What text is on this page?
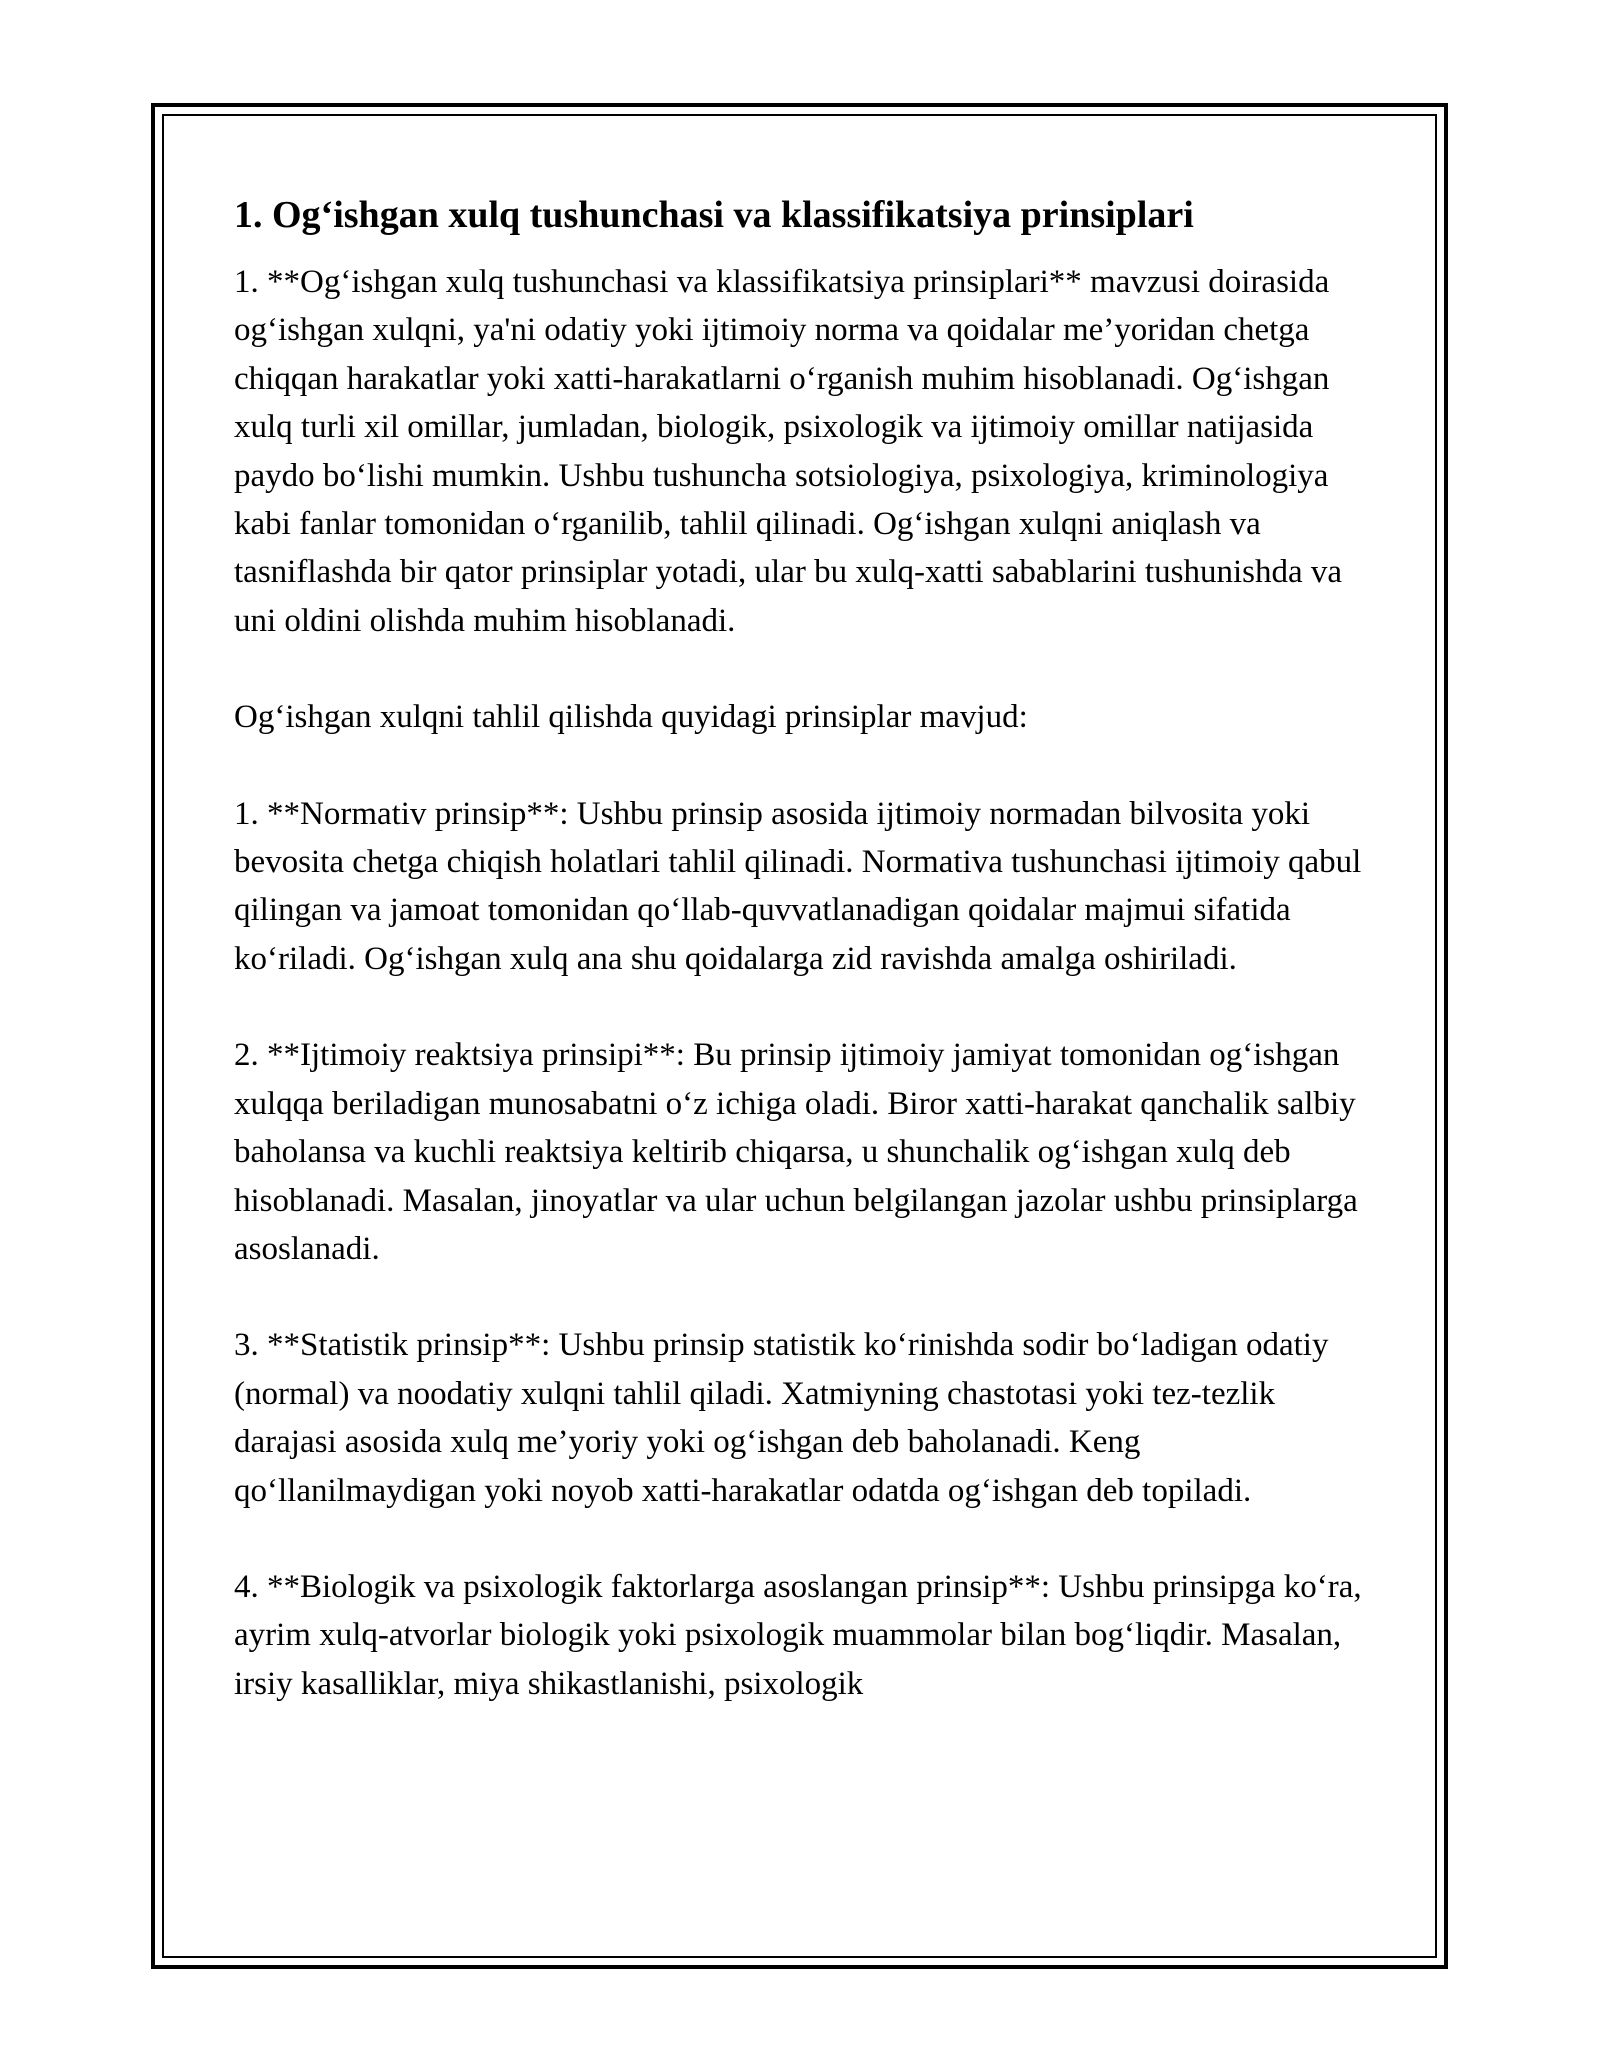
1. Og‘ishgan xulq tushunchasi va klassifikatsiya prinsiplari

1. **Og‘ishgan xulq tushunchasi va klassifikatsiya prinsiplari** mavzusi doirasida og‘ishgan xulqni, ya'ni odatiy yoki ijtimoiy norma va qoidalar me’yoridan chetga chiqqan harakatlar yoki xatti-harakatlarni o‘rganish muhim hisoblanadi. Og‘ishgan xulq turli xil omillar, jumladan, biologik, psixologik va ijtimoiy omillar natijasida paydo bo‘lishi mumkin. Ushbu tushuncha sotsiologiya, psixologiya, kriminologiya kabi fanlar tomonidan o‘rganilib, tahlil qilinadi. Og‘ishgan xulqni aniqlash va tasniflashda bir qator prinsiplar yotadi, ular bu xulq-xatti sabablarini tushunishda va uni oldini olishda muhim hisoblanadi.

Og‘ishgan xulqni tahlil qilishda quyidagi prinsiplar mavjud:

1. **Normativ prinsip**: Ushbu prinsip asosida ijtimoiy normadan bilvosita yoki bevosita chetga chiqish holatlari tahlil qilinadi. Normativa tushunchasi ijtimoiy qabul qilingan va jamoat tomonidan qo‘llab-quvvatlanadigan qoidalar majmui sifatida ko‘riladi. Og‘ishgan xulq ana shu qoidalarga zid ravishda amalga oshiriladi.

2. **Ijtimoiy reaktsiya prinsipi**: Bu prinsip ijtimoiy jamiyat tomonidan og‘ishgan xulqqa beriladigan munosabatni o‘z ichiga oladi. Biror xatti-harakat qanchalik salbiy baholansa va kuchli reaktsiya keltirib chiqarsa, u shunchalik og‘ishgan xulq deb hisoblanadi. Masalan, jinoyatlar va ular uchun belgilangan jazolar ushbu prinsiplarga asoslanadi.

3. **Statistik prinsip**: Ushbu prinsip statistik ko‘rinishda sodir bo‘ladigan odatiy (normal) va noodatiy xulqni tahlil qiladi. Xatmiyning chastotasi yoki tez-tezlik darajasi asosida xulq me’yoriy yoki og‘ishgan deb baholanadi. Keng qo‘llanilmaydigan yoki noyob xatti-harakatlar odatda og‘ishgan deb topiladi.

4. **Biologik va psixologik faktorlarga asoslangan prinsip**: Ushbu prinsipga ko‘ra, ayrim xulq-atvorlar biologik yoki psixologik muammolar bilan bog‘liqdir. Masalan, irsiy kasalliklar, miya shikastlanishi, psixologik
